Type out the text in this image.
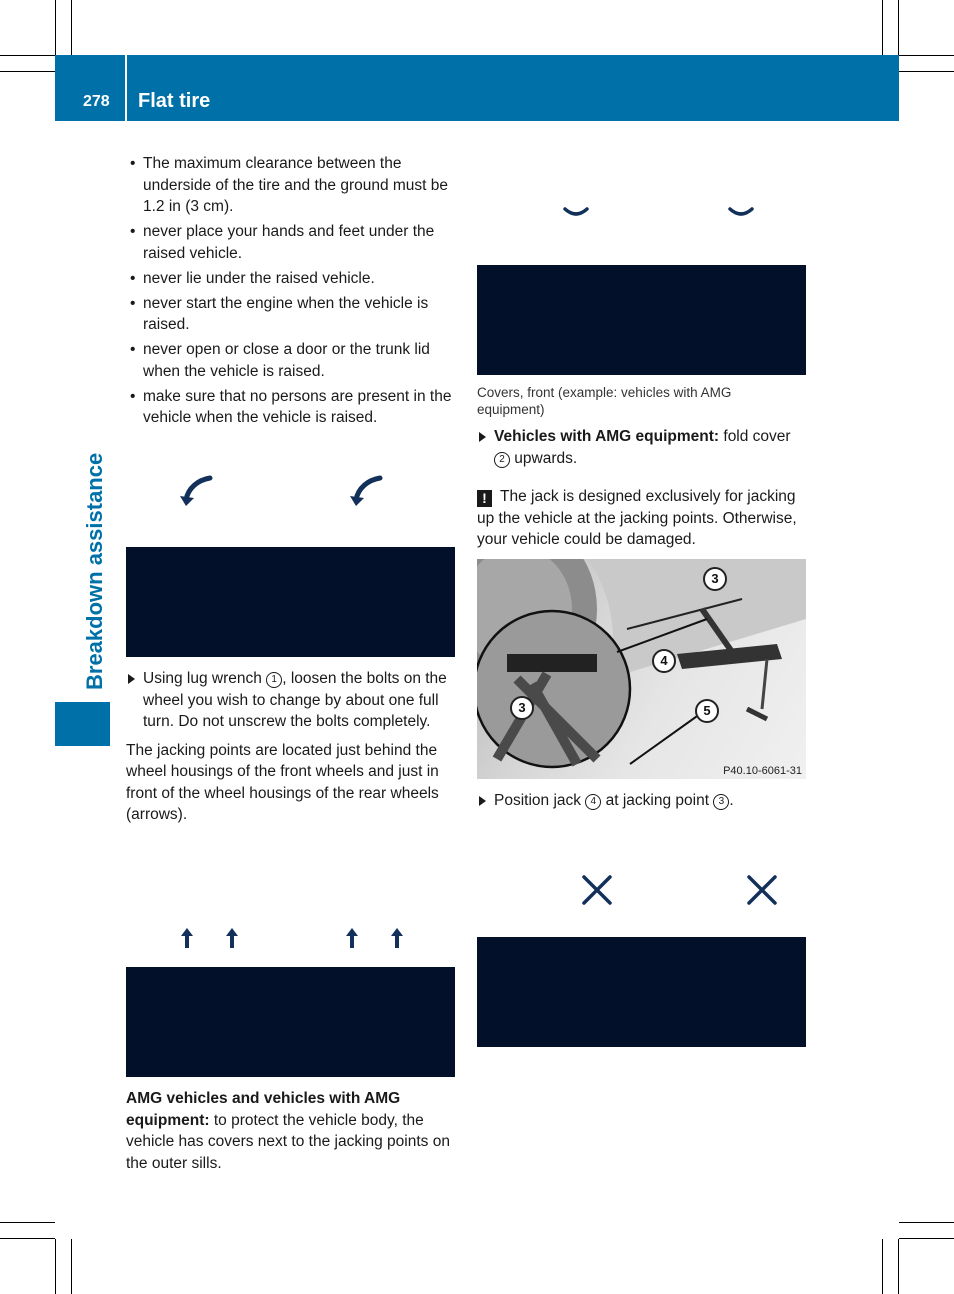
278 Flat tire
Breakdown assistance
• The maximum clearance between the underside of the tire and the ground must be 1.2 in (3 cm).
• never place your hands and feet under the raised vehicle.
• never lie under the raised vehicle.
• never start the engine when the vehicle is raised.
• never open or close a door or the trunk lid when the vehicle is raised.
• make sure that no persons are present in the vehicle when the vehicle is raised.
Using lug wrench 1 , loosen the bolts on the wheel you wish to change by about one full turn. Do not unscrew the bolts completely.

The jacking points are located just behind the wheel housings of the front wheels and just in front of the wheel housings of the rear wheels (arrows).

AMG vehicles and vehicles with AMG equipment: to protect the vehicle body, the vehicle has covers next to the jacking points on the outer sills.
Covers, front (example: vehicles with AMG equipment)
Vehicles with AMG equipment: fold cover 2 upwards.
! The jack is designed exclusively for jacking up the vehicle at the jacking points. Otherwise, your vehicle could be damaged.
3
4
5
3
P40.10-6061-31
Position jack 4 at jacking point 3 .
